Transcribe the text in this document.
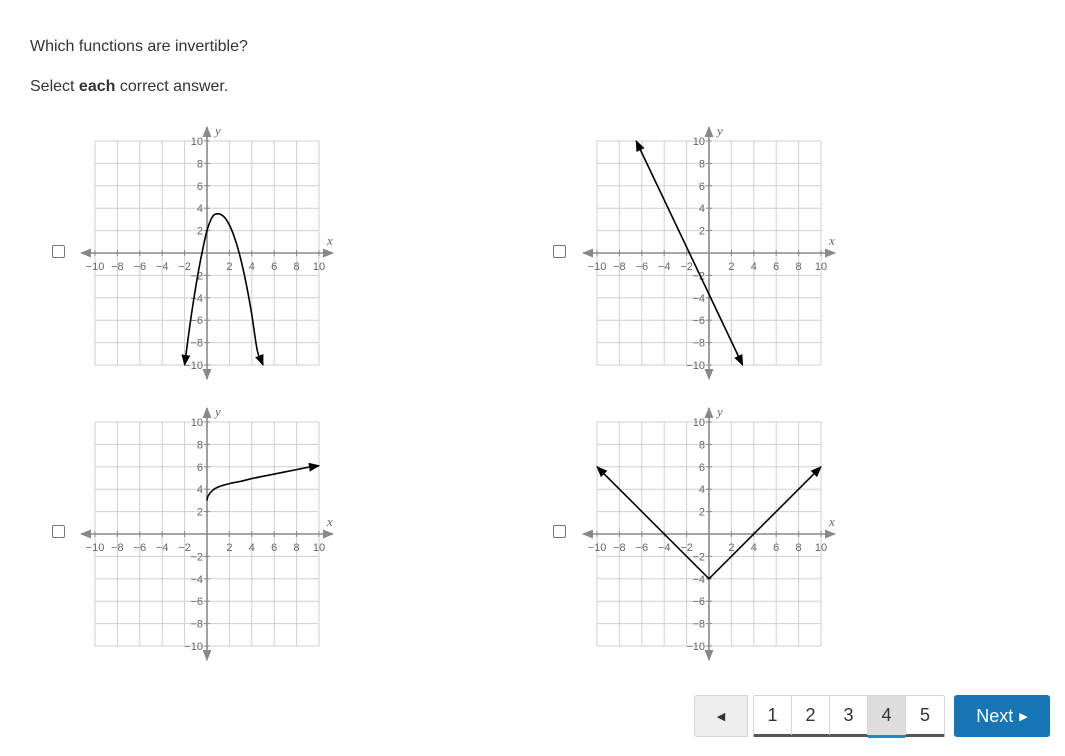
Which functions are invertible?
Select each correct answer.
−10 −8 −6 −4 −2	2 4 6 8 10
10
8
6
4
2
−2
−4
−6
−8
−10
x
y
−10 −8 −6 −4 −2	2 4 6 8 10
10
8
6
4
2
−2
−4
−6
−8
−10
x
y
−10 −8 −6 −4 −2	2 4 6 8 10
10
8
6
4
2
−2
−4
−6
−8
−10
x
y
−10 −8 −6 −4 −2	2 4 6 8 10
10
8
6
4
2
−2
−4
−6
−8
−10
x
y
◀	1	2	3	4	5	Next ▶
